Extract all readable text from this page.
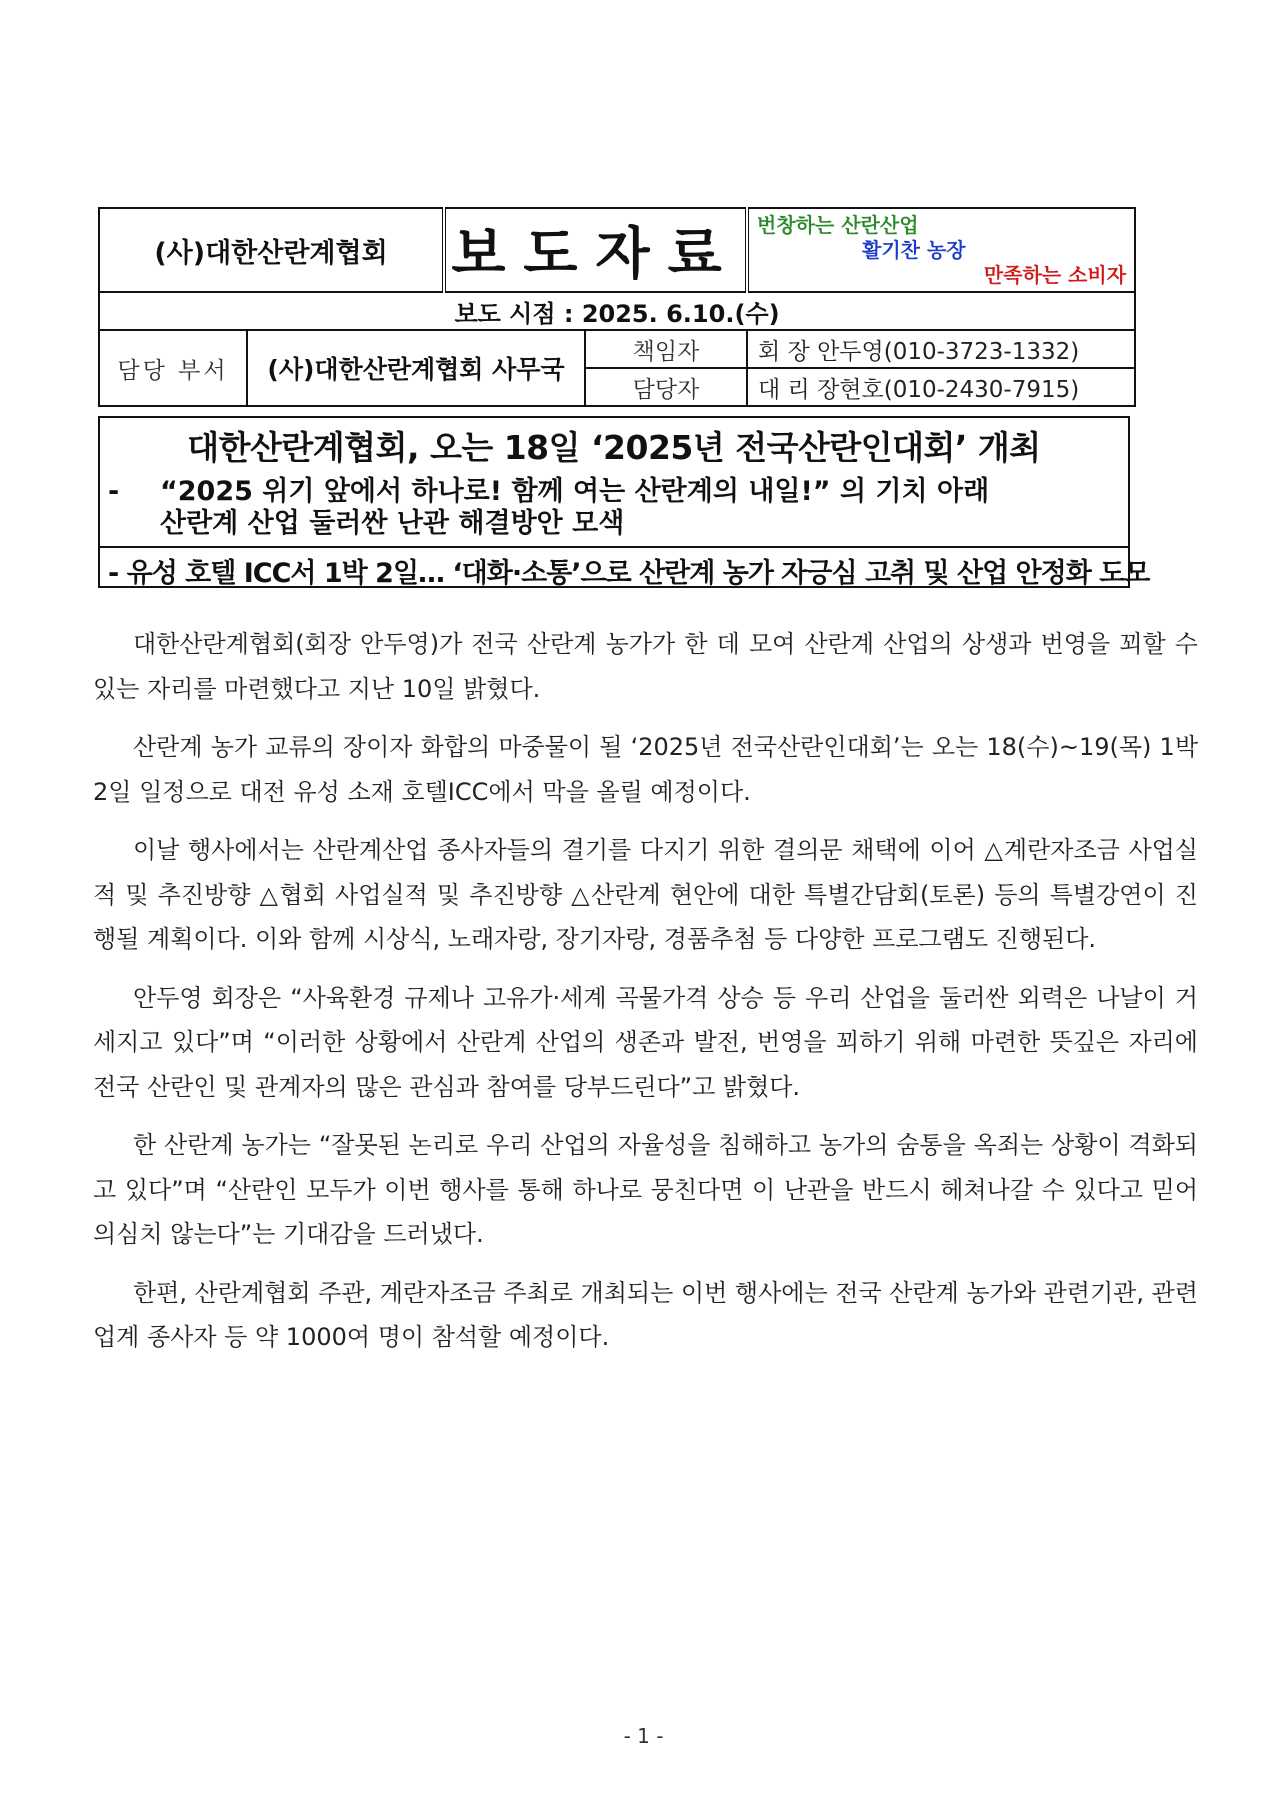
(사)대한산란계협회		보도자료		번창하는 산란산업
활기찬 농장
만족하는 소비자

보도 시점 : 2025. 6.10.(수)				
담당 부서	(사)대한산란계협회 사무국		책임자	회 장 안두영(010-3723-1332)
			담당자	대 리 장현호(010-2430-7915)
대한산란계협회, 오는 18일 ‘2025년 전국산란인대회’ 개최
- “2025 위기 앞에서 하나로! 함께 여는 산란계의 내일!” 의 기치 아래
산란계 산업 둘러싼 난관 해결방안 모색
- 유성 호텔 ICC서 1박 2일… ‘대화·소통’으로 산란계 농가 자긍심 고취 및 산업 안정화 도모

대한산란계협회(회장 안두영)가 전국 산란계 농가가 한 데 모여 산란계 산업의 상생과 번영을 꾀할 수 있는 자리를 마련했다고 지난 10일 밝혔다.

산란계 농가 교류의 장이자 화합의 마중물이 될 ‘2025년 전국산란인대회’는 오는 18(수)~19(목) 1박 2일 일정으로 대전 유성 소재 호텔ICC에서 막을 올릴 예정이다.

이날 행사에서는 산란계산업 종사자들의 결기를 다지기 위한 결의문 채택에 이어 △계란자조금 사업실적 및 추진방향 △협회 사업실적 및 추진방향 △산란계 현안에 대한 특별간담회(토론) 등의 특별강연이 진행될 계획이다. 이와 함께 시상식, 노래자랑, 장기자랑, 경품추첨 등 다양한 프로그램도 진행된다.

안두영 회장은 “사육환경 규제나 고유가·세계 곡물가격 상승 등 우리 산업을 둘러싼 외력은 나날이 거세지고 있다”며 “이러한 상황에서 산란계 산업의 생존과 발전, 번영을 꾀하기 위해 마련한 뜻깊은 자리에 전국 산란인 및 관계자의 많은 관심과 참여를 당부드린다”고 밝혔다.

한 산란계 농가는 “잘못된 논리로 우리 산업의 자율성을 침해하고 농가의 숨통을 옥죄는 상황이 격화되고 있다”며 “산란인 모두가 이번 행사를 통해 하나로 뭉친다면 이 난관을 반드시 헤쳐나갈 수 있다고 믿어 의심치 않는다”는 기대감을 드러냈다.

한편, 산란계협회 주관, 계란자조금 주최로 개최되는 이번 행사에는 전국 산란계 농가와 관련기관, 관련업계 종사자 등 약 1000여 명이 참석할 예정이다.

- 1 -
